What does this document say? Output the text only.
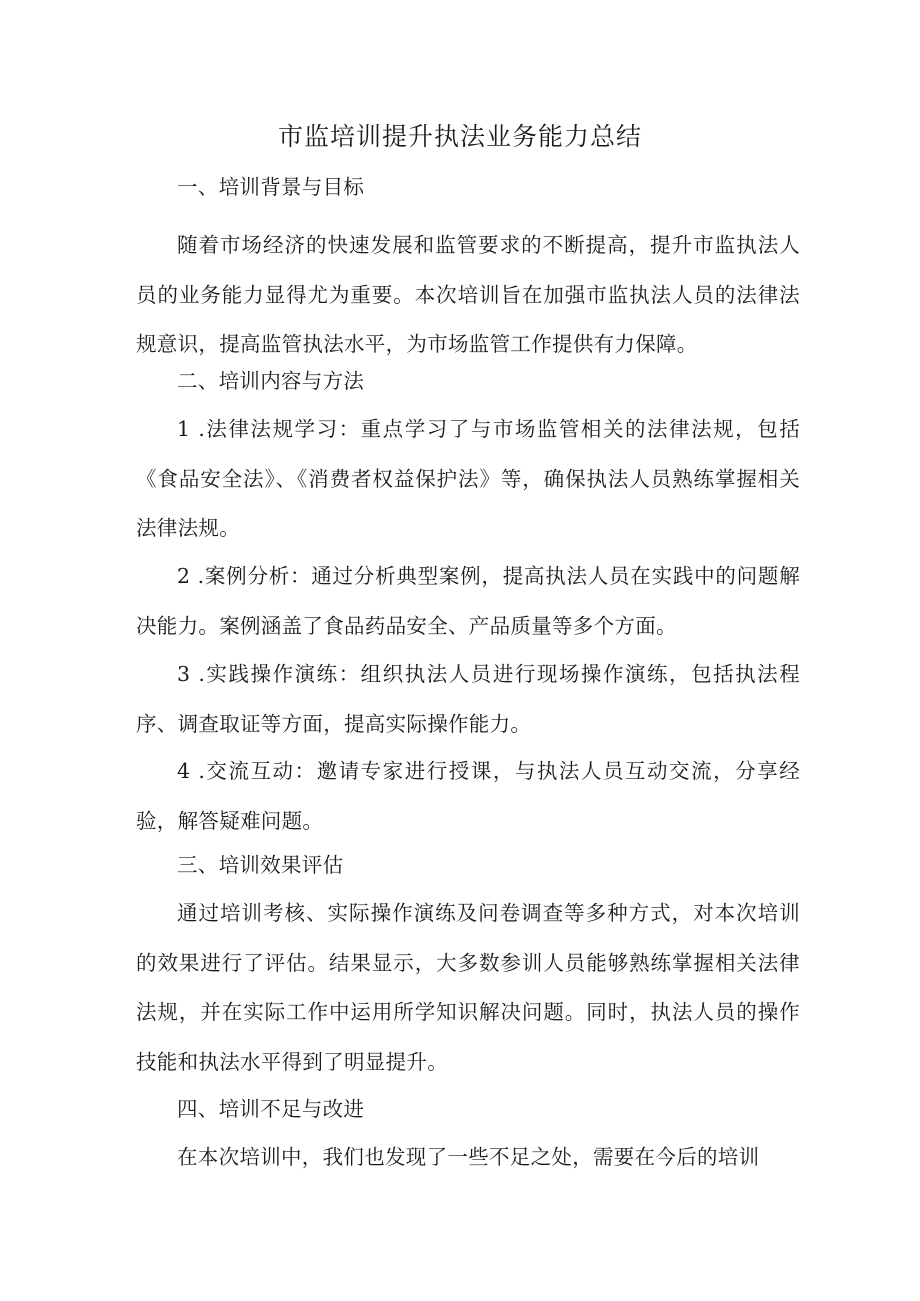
市监培训提升执法业务能力总结

一、培训背景与目标

随着市场经济的快速发展和监管要求的不断提高，提升市监执法人员的业务能力显得尤为重要。本次培训旨在加强市监执法人员的法律法规意识，提高监管执法水平，为市场监管工作提供有力保障。

二、培训内容与方法

1 .法律法规学习：重点学习了与市场监管相关的法律法规，包括《食品安全法》、《消费者权益保护法》等，确保执法人员熟练掌握相关法律法规。

2 .案例分析：通过分析典型案例，提高执法人员在实践中的问题解决能力。案例涵盖了食品药品安全、产品质量等多个方面。

3 .实践操作演练：组织执法人员进行现场操作演练，包括执法程序、调查取证等方面，提高实际操作能力。

4 .交流互动：邀请专家进行授课，与执法人员互动交流，分享经验，解答疑难问题。

三、培训效果评估

通过培训考核、实际操作演练及问卷调查等多种方式，对本次培训的效果进行了评估。结果显示，大多数参训人员能够熟练掌握相关法律法规，并在实际工作中运用所学知识解决问题。同时，执法人员的操作技能和执法水平得到了明显提升。

四、培训不足与改进

在本次培训中，我们也发现了一些不足之处，需要在今后的培训
